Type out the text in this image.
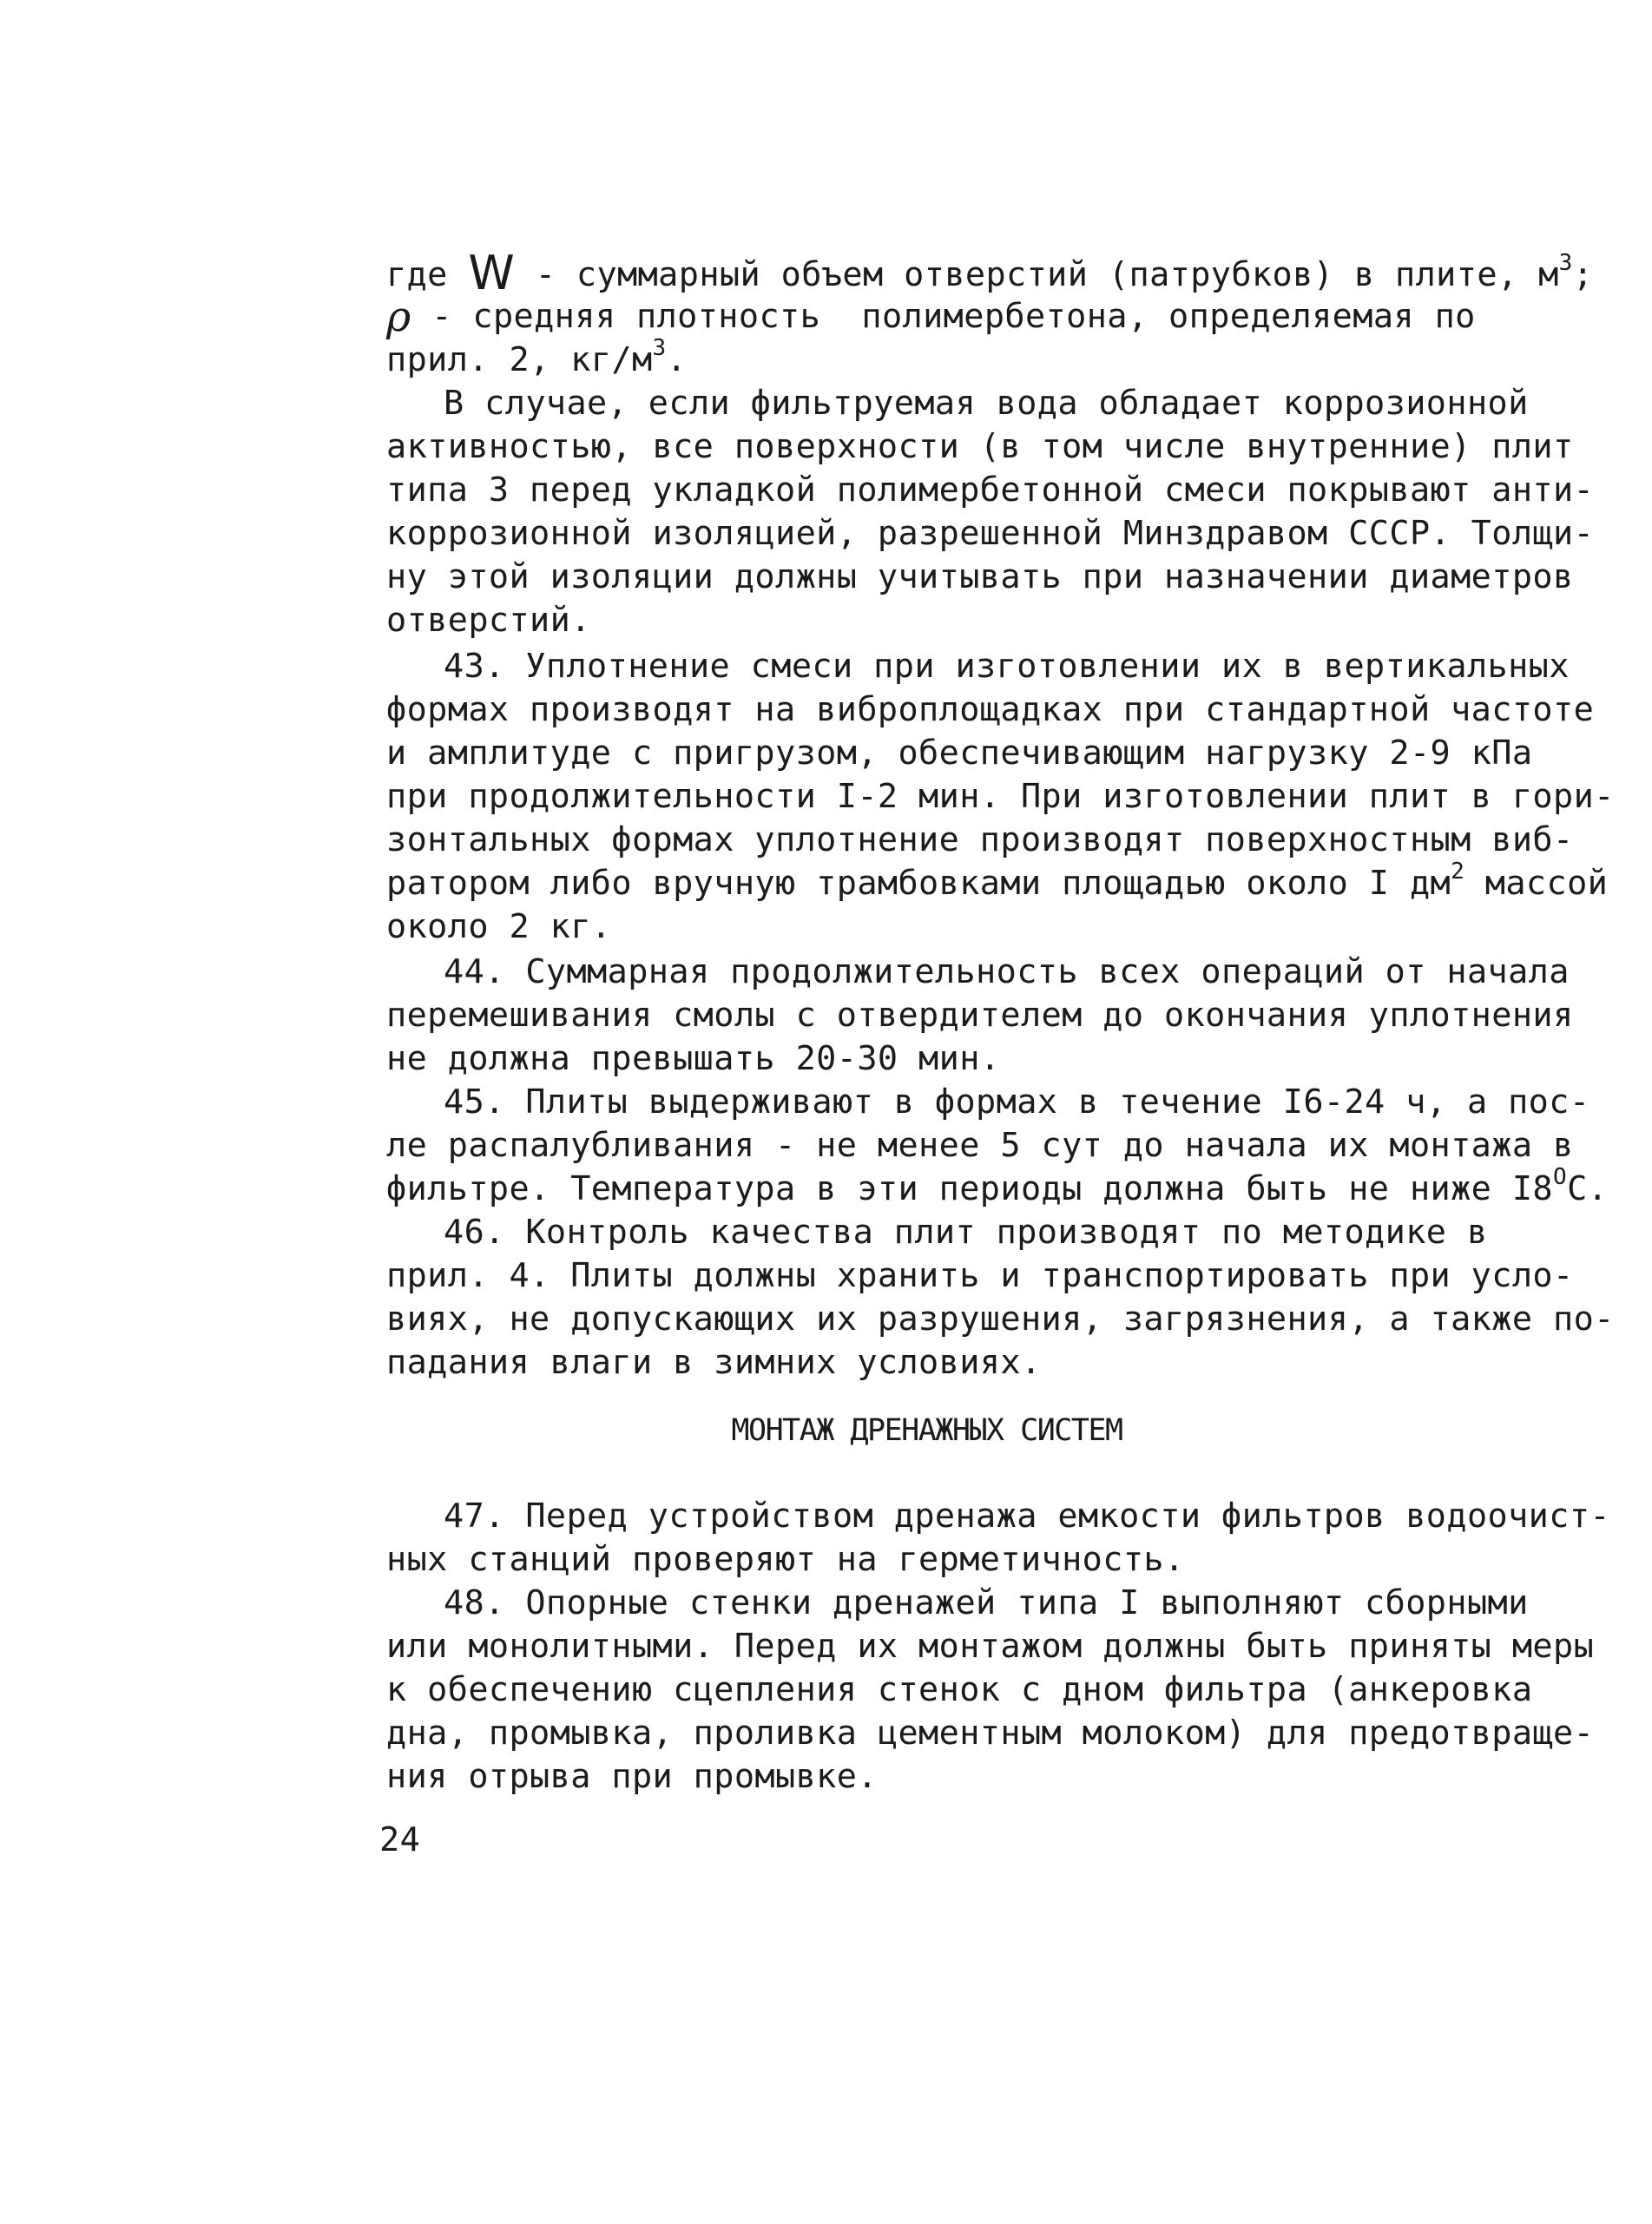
где W - суммарный объем отверстий (патрубков) в плите, $м^3$;
ρ - средняя плотность  полимербетона, определяемая по
прил. 2, $кг/м^3$.
В случае, если фильтруемая вода обладает коррозионной
активностью, все поверхности (в том числе внутренние) плит
типа 3 перед укладкой полимербетонной смеси покрывают анти-
коррозионной изоляцией, разрешенной Минздравом СССР. Толщи-
ну этой изоляции должны учитывать при назначении диаметров
отверстий.
43. Уплотнение смеси при изготовлении их в вертикальных
формах производят на виброплощадках при стандартной частоте
и амплитуде с пригрузом, обеспечивающим нагрузку 2-9 кПа
при продолжительности I-2 мин. При изготовлении плит в гори-
зонтальных формах уплотнение производят поверхностным виб-
ратором либо вручную трамбовками площадью около I $дм^2$ массой
около 2 кг.
44. Суммарная продолжительность всех операций от начала
перемешивания смолы с отвердителем до окончания уплотнения
не должна превышать 20-30 мин.
45. Плиты выдерживают в формах в течение I6-24 ч, а пос-
ле распалубливания - не менее 5 сут до начала их монтажа в
фильтре. Температура в эти периоды должна быть не ниже $I8^ОС$.
46. Контроль качества плит производят по методике в
прил. 4. Плиты должны хранить и транспортировать при усло-
виях, не допускающих их разрушения, загрязнения, а также по-
падания влаги в зимних условиях.
МОНТАЖ ДРЕНАЖНЫХ СИСТЕМ
47. Перед устройством дренажа емкости фильтров водоочист-
ных станций проверяют на герметичность.
48. Опорные стенки дренажей типа I выполняют сборными
или монолитными. Перед их монтажом должны быть приняты меры
к обеспечению сцепления стенок с дном фильтра (анкеровка
дна, промывка, проливка цементным молоком) для предотвраще-
ния отрыва при промывке.
24
